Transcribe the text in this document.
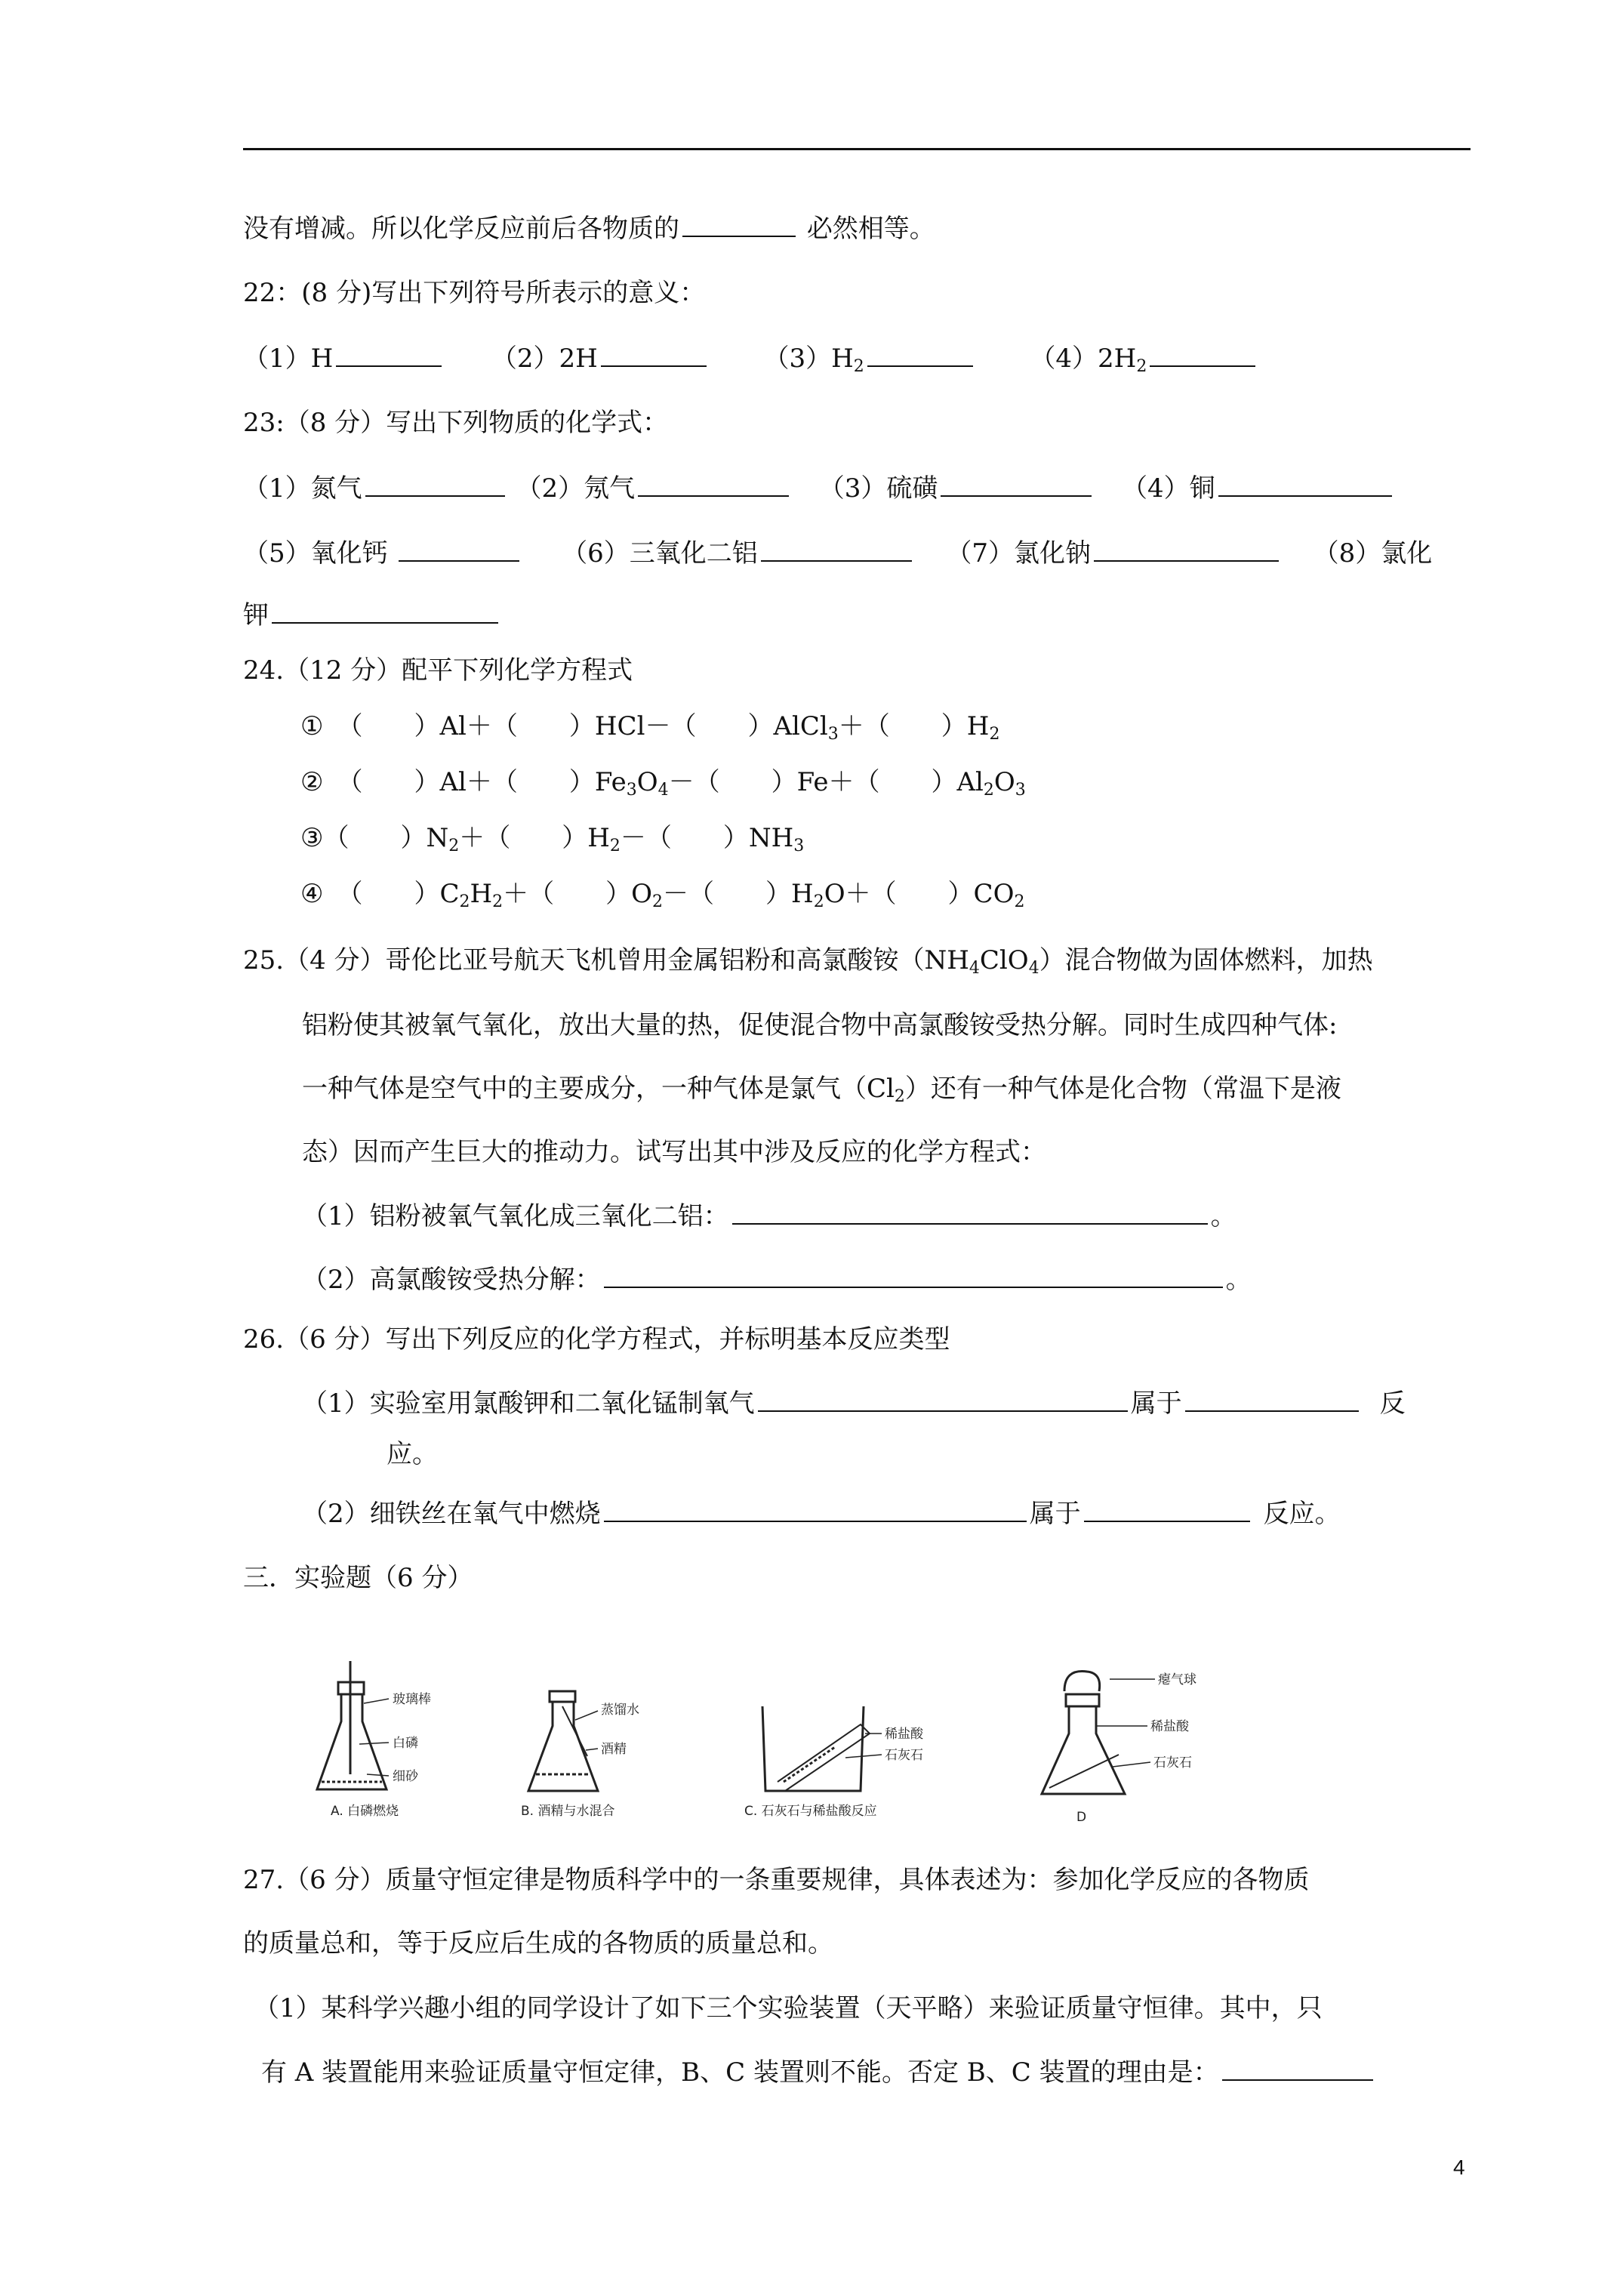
没有增减。所以化学反应前后各物质的	必然相等。
22：(8 分)写出下列符号所表示的意义：
（1）H	（2）2H	$(3)H_2$	$(4)2H_2$
23:（8 分）写出下列物质的化学式：
（1）氮气	（2）氖气	（3）硫磺	（4）铜
（5）氧化钙	（6）三氧化二铝	（7）氯化钠	（8）氯化
钾
24.（12 分）配平下列化学方程式
① （　　）Al＋（　　）HCl－（　　）AlCl$_3$＋（　　）$H_2$
② （　　）Al＋（　　）$Fe_3O_4-$（　　）Fe＋（　　）$Al_2O_3$
③（　　）$N_2+$（　　）$H_2-$（　　）$NH_3$
④ （　　）$C_2H_2+$（　　）$O_2-$（　　）$H_2O+$（　　）$CO_2$
25.（4 分）哥伦比亚号航天飞机曾用金属铝粉和高氯酸铵$(NH_4ClO_4)$混合物做为固体燃料，加热
铝粉使其被氧气氧化，放出大量的热，促使混合物中高氯酸铵受热分解。同时生成四种气体:
一种气体是空气中的主要成分，一种气体是氯气$(Cl_2)$还有一种气体是化合物（常温下是液
态）因而产生巨大的推动力。试写出其中涉及反应的化学方程式：
（1）铝粉被氧气氧化成三氧化二铝：	。
（2）高氯酸铵受热分解：	。
26.（6 分）写出下列反应的化学方程式，并标明基本反应类型
（1）实验室用氯酸钾和二氧化锰制氧气	属于	反
应。
（2）细铁丝在氧气中燃烧	属于	反应。
三．实验题（6 分）
玻璃棒
白磷
细砂
蒸馏水
酒精
稀盐酸
石灰石
瘪气球
稀盐酸
石灰石
A. 白磷燃烧	B. 酒精与水混合	C. 石灰石与稀盐酸反应	D
27.（6 分）质量守恒定律是物质科学中的一条重要规律，具体表述为：参加化学反应的各物质
的质量总和，等于反应后生成的各物质的质量总和。
（1）某科学兴趣小组的同学设计了如下三个实验装置（天平略）来验证质量守恒律。其中，只
有 A 装置能用来验证质量守恒定律，B、C 装置则不能。否定 B、C 装置的理由是：
4
